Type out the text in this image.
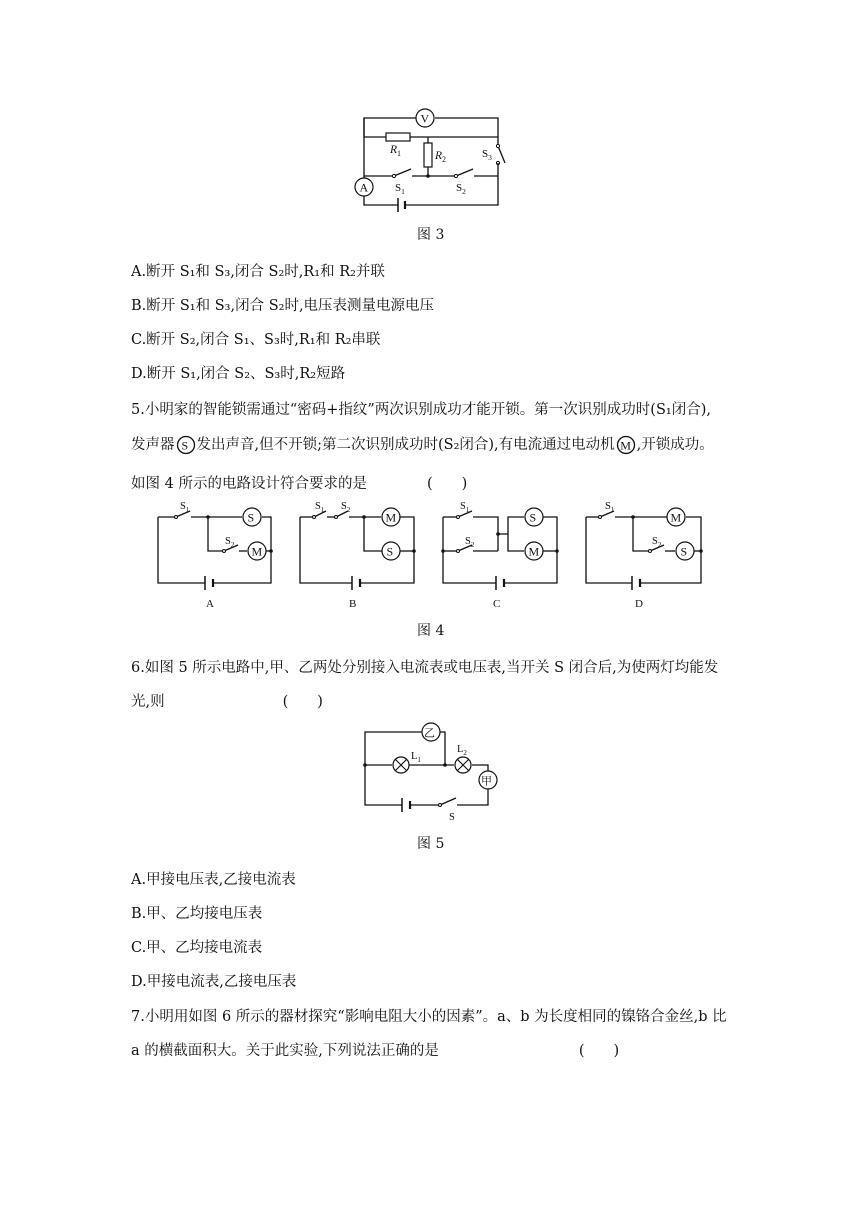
V
$R_1$	$R_2$	$S_3$
$S_1$	$S_2$
A
图 3
A.断开 S₁和 S₃,闭合 S₂时,R₁和 R₂并联
B.断开 S₁和 S₃,闭合 S₂时,电压表测量电源电压
C.断开 S₂,闭合 S₁、S₃时,R₁和 R₂串联
D.断开 S₁,闭合 S₂、S₃时,R₂短路
5.小明家的智能锁需通过“密码+指纹”两次识别成功才能开锁。第一次识别成功时(S₁闭合),
发声器 S 发出声音,但不开锁;第二次识别成功时(S₂闭合),有电流通过电动机 M ,开锁成功。
如图 4 所示的电路设计符合要求的是	(　　)
S
M
$S_1$
$S_2$
A
M
S
$S_1$ $S_2$
B
S
M
$S_1$
$S_2$
C
M
S
$S_1$
$S_2$
D
图 4
6.如图 5 所示电路中,甲、乙两处分别接入电流表或电压表,当开关 S 闭合后,为使两灯均能发
光,则	(　　)
甲
乙
$L_1$
$L_2$
S
图 5
A.甲接电压表,乙接电流表
B.甲、乙均接电压表
C.甲、乙均接电流表
D.甲接电流表,乙接电压表
7.小明用如图 6 所示的器材探究“影响电阻大小的因素”。a、b 为长度相同的镍铬合金丝,b 比
a 的横截面积大。关于此实验,下列说法正确的是	(　　)
